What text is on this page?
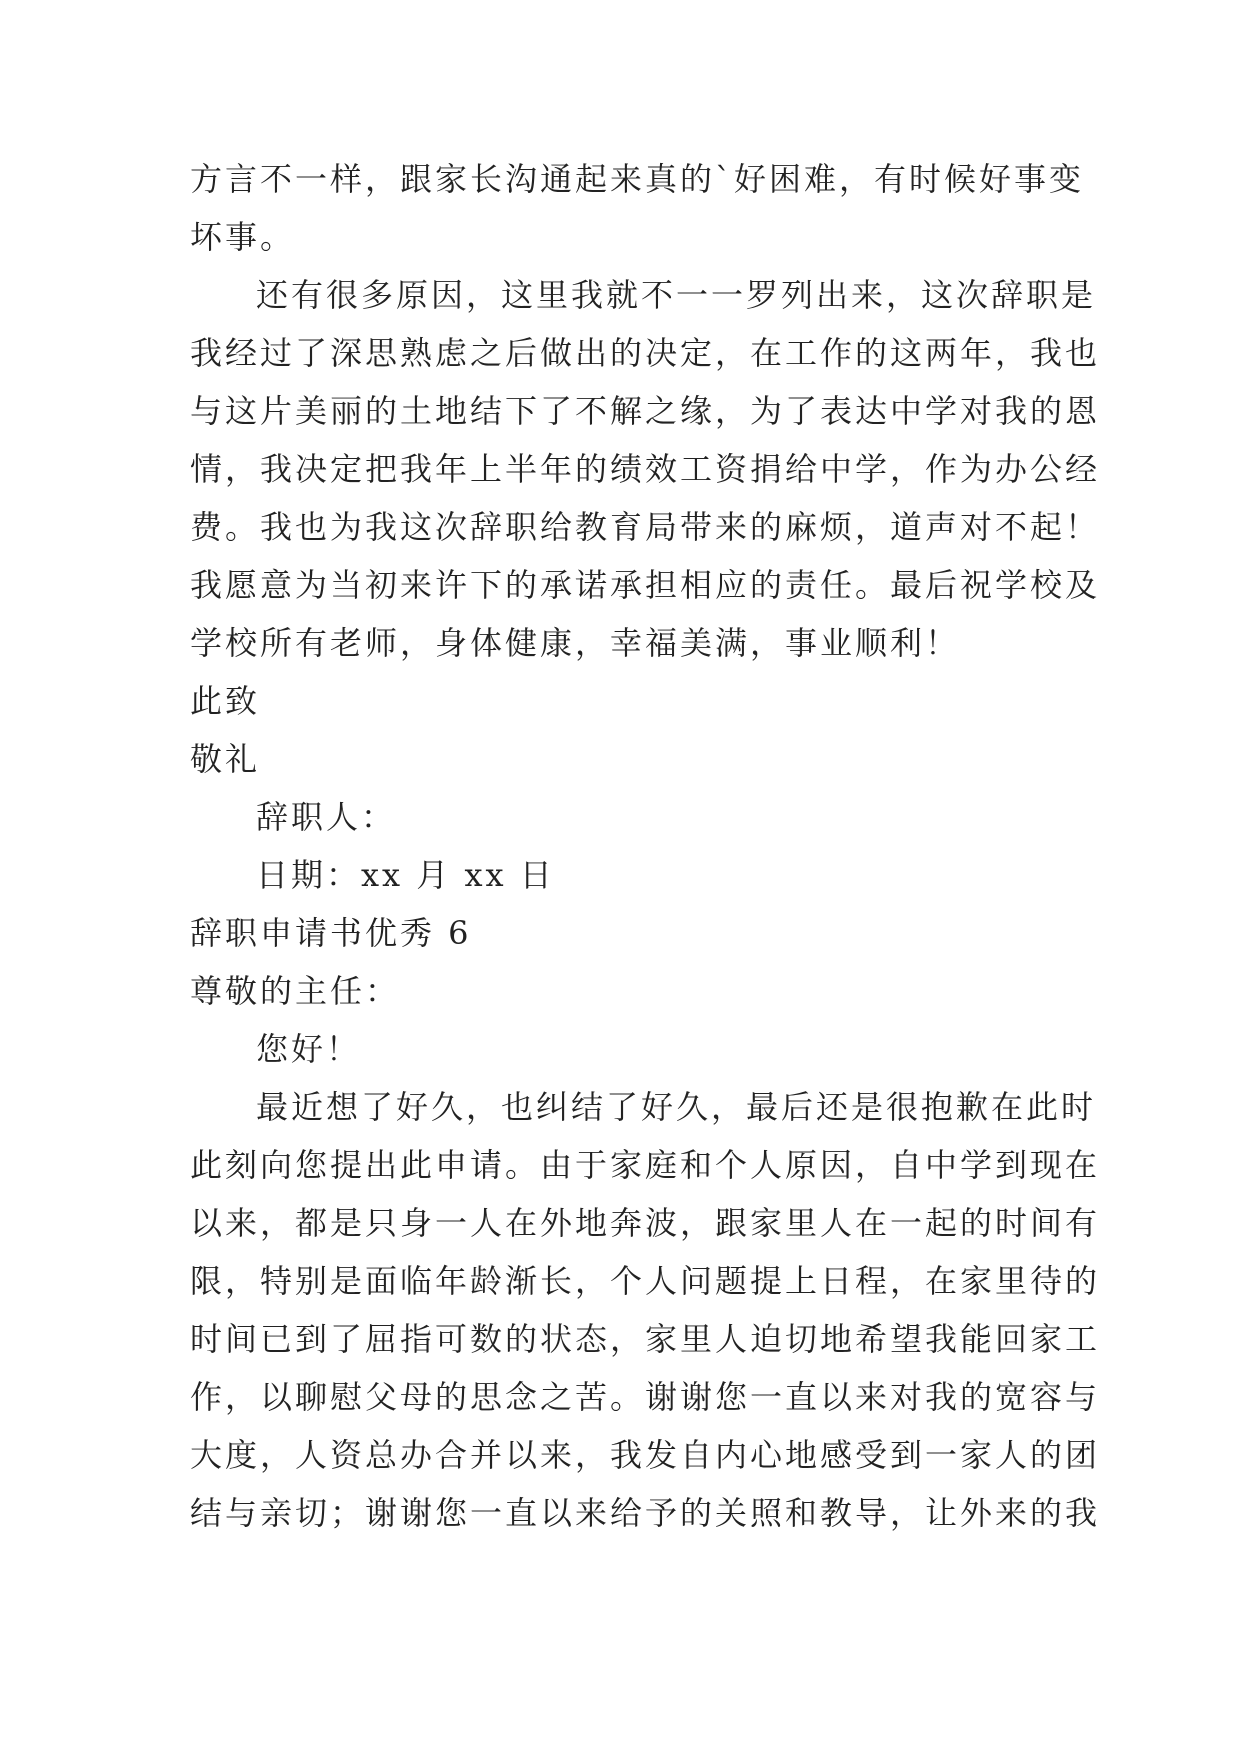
方言不一样，跟家长沟通起来真的`好困难，有时候好事变
坏事。
还有很多原因，这里我就不一一罗列出来，这次辞职是
我经过了深思熟虑之后做出的决定，在工作的这两年，我也
与这片美丽的土地结下了不解之缘，为了表达中学对我的恩
情，我决定把我年上半年的绩效工资捐给中学，作为办公经
费。我也为我这次辞职给教育局带来的麻烦，道声对不起！
我愿意为当初来许下的承诺承担相应的责任。最后祝学校及
学校所有老师，身体健康，幸福美满，事业顺利！
此致
敬礼
辞职人：
日期：xx 月 xx 日
辞职申请书优秀 6
尊敬的主任：
您好！
最近想了好久，也纠结了好久，最后还是很抱歉在此时
此刻向您提出此申请。由于家庭和个人原因，自中学到现在
以来，都是只身一人在外地奔波，跟家里人在一起的时间有
限，特别是面临年龄渐长，个人问题提上日程，在家里待的
时间已到了屈指可数的状态，家里人迫切地希望我能回家工
作，以聊慰父母的思念之苦。谢谢您一直以来对我的宽容与
大度，人资总办合并以来，我发自内心地感受到一家人的团
结与亲切；谢谢您一直以来给予的关照和教导，让外来的我
